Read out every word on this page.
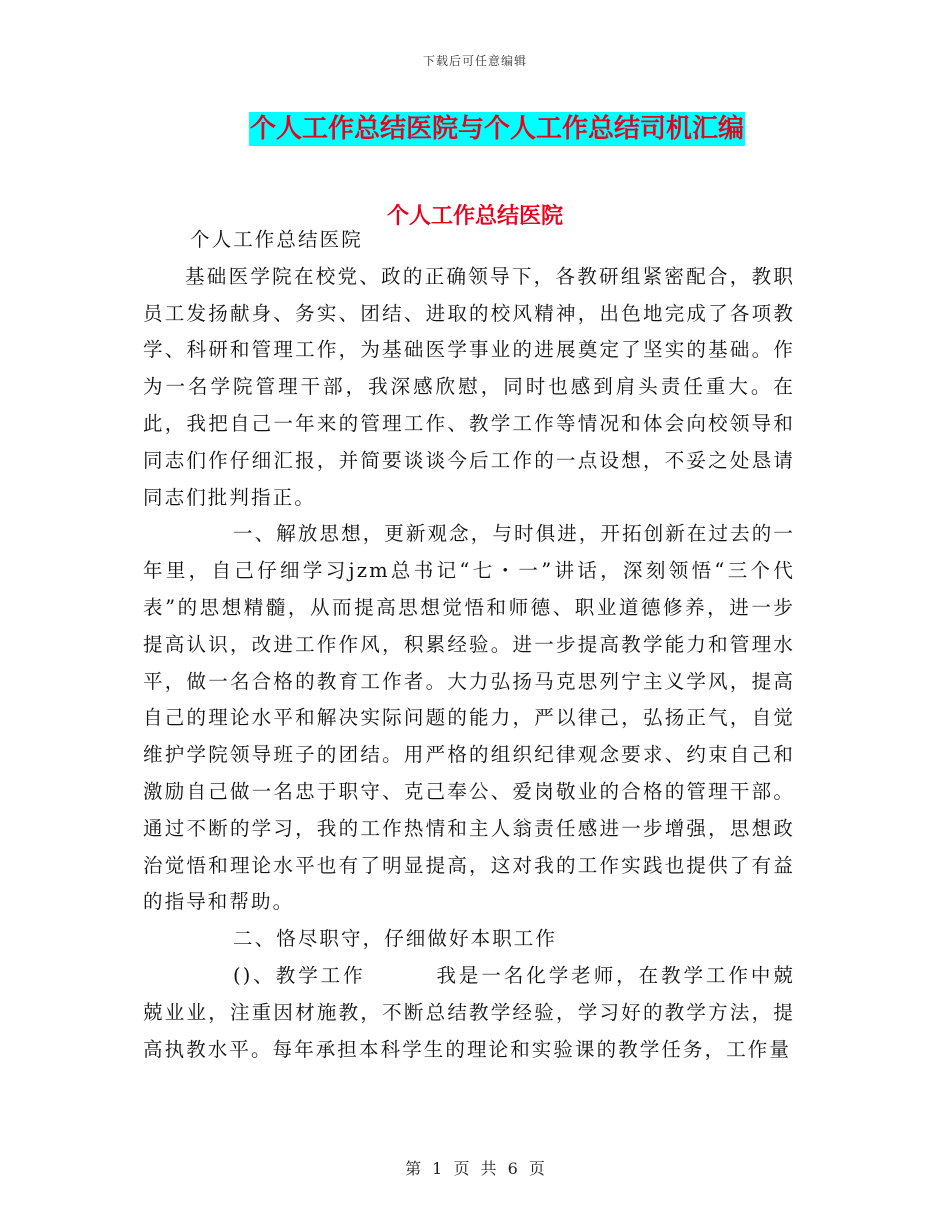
下载后可任意编辑
个人工作总结医院与个人工作总结司机汇编
个人工作总结医院

个人工作总结医院

基础医学院在校党、政的正确领导下，各教研组紧密配合，教职员工发扬献身、务实、团结、进取的校风精神，出色地完成了各项教学、科研和管理工作，为基础医学事业的进展奠定了坚实的基础。作为一名学院管理干部，我深感欣慰，同时也感到肩头责任重大。在此，我把自己一年来的管理工作、教学工作等情况和体会向校领导和同志们作仔细汇报，并简要谈谈今后工作的一点设想，不妥之处恳请同志们批判指正。

一、解放思想，更新观念，与时俱进，开拓创新在过去的一年里，自己仔细学习jzm总书记“七・一”讲话，深刻领悟“三个代表”的思想精髓，从而提高思想觉悟和师德、职业道德修养，进一步提高认识，改进工作作风，积累经验。进一步提高教学能力和管理水平，做一名合格的教育工作者。大力弘扬马克思列宁主义学风，提高自己的理论水平和解决实际问题的能力，严以律己，弘扬正气，自觉维护学院领导班子的团结。用严格的组织纪律观念要求、约束自己和激励自己做一名忠于职守、克己奉公、爱岗敬业的合格的管理干部。通过不断的学习，我的工作热情和主人翁责任感进一步增强，思想政治觉悟和理论水平也有了明显提高，这对我的工作实践也提供了有益的指导和帮助。

二、恪尽职守，仔细做好本职工作

()、教学工作	我是一名化学老师，在教学工作中兢兢业业，注重因材施教，不断总结教学经验，学习好的教学方法，提高执教水平。每年承担本科学生的理论和实验课的教学任务，工作量

第 1 页 共 6 页
